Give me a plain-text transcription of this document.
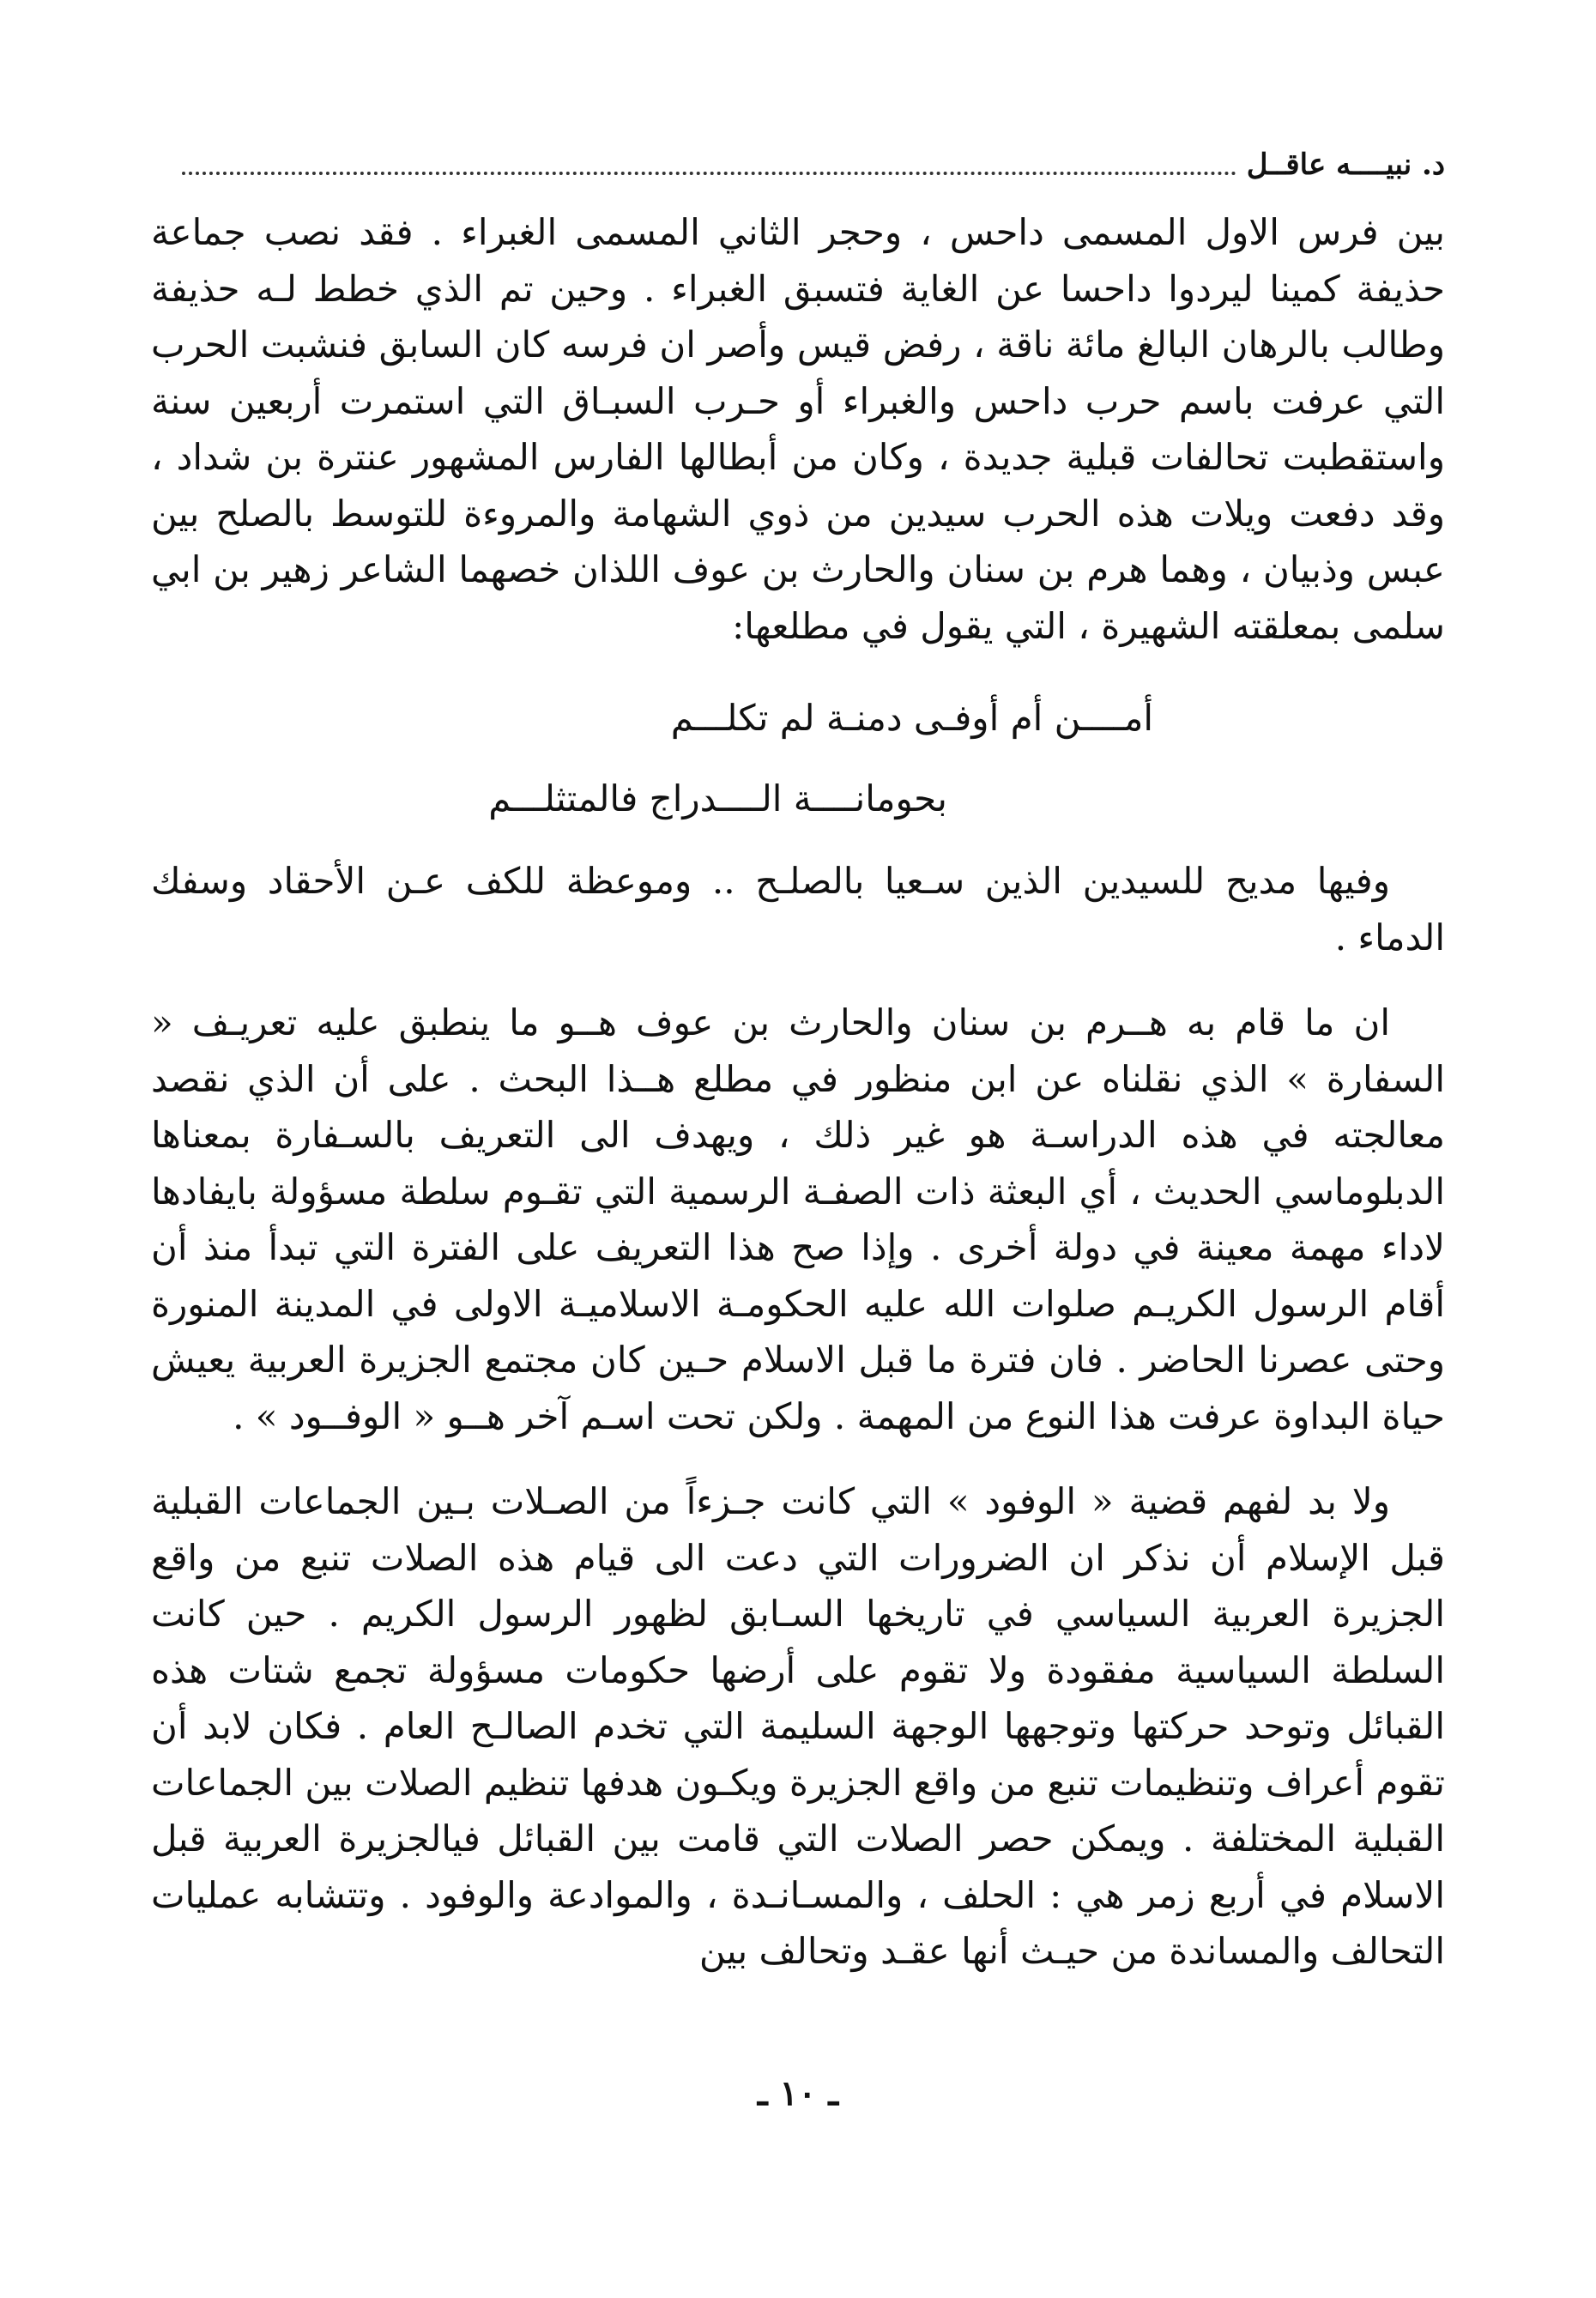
د. نبيــــه عاقــل

بين فرس الاول المسمى داحس ، وحجر الثاني المسمى الغبراء . فقد نصب جماعة حذيفة كمينا ليردوا داحسا عن الغاية فتسبق الغبراء . وحين تم الذي خطط لـه حذيفة وطالب بالرهان البالغ مائة ناقة ، رفض قيس وأصر ان فرسه كان السابق فنشبت الحرب التي عرفت باسم حرب داحس والغبراء أو حـرب السبـاق التي استمرت أربعين سنة واستقطبت تحالفات قبلية جديدة ، وكان من أبطالها الفارس المشهور عنترة بن شداد ، وقد دفعت ويلات هذه الحرب سيدين من ذوي الشهامة والمروءة للتوسط بالصلح بين عبس وذبيان ، وهما هرم بن سنان والحارث بن عوف اللذان خصهما الشاعر زهير بن ابي سلمى بمعلقته الشهيرة ، التي يقول في مطلعها:

أمــــن أم أوفـى دمنـة لم تكلـــم
بحومانــــة الــــدراج فالمتثلـــم

وفيها مديح للسيدين الذين سـعيا بالصلـح .. وموعظة للكف عـن الأحقاد وسفك الدماء .

ان ما قام به هــرم بن سنان والحارث بن عوف هــو ما ينطبق عليه تعريـف « السفارة » الذي نقلناه عن ابن منظور في مطلع هــذا البحث . على أن الذي نقصد معالجته في هذه الدراسـة هو غير ذلك ، ويهدف الى التعريف بالسـفارة بمعناها الدبلوماسي الحديث ، أي البعثة ذات الصفـة الرسمية التي تقـوم سلطة مسؤولة بايفادها لاداء مهمة معينة في دولة أخرى . وإذا صح هذا التعريف على الفترة التي تبدأ منذ أن أقام الرسول الكريـم صلوات الله عليه الحكومـة الاسلاميـة الاولى في المدينة المنورة وحتى عصرنا الحاضر . فان فترة ما قبل الاسلام حـين كان مجتمع الجزيرة العربية يعيش حياة البداوة عرفت هذا النوع من المهمة . ولكن تحت اسـم آخر هــو « الوفــود » .

ولا بد لفهم قضية « الوفود » التي كانت جـزءاً من الصـلات بـين الجماعات القبلية قبل الإسلام أن نذكر ان الضرورات التي دعت الى قيام هذه الصلات تنبع من واقع الجزيرة العربية السياسي في تاريخها السـابق لظهور الرسول الكريم . حين كانت السلطة السياسية مفقودة ولا تقوم على أرضها حكومات مسؤولة تجمع شتات هذه القبائل وتوحد حركتها وتوجهها الوجهة السليمة التي تخدم الصالـح العام . فكان لابد أن تقوم أعراف وتنظيمات تنبع من واقع الجزيرة ويكـون هدفها تنظيم الصلات بين الجماعات القبلية المختلفة . ويمكن حصر الصلات التي قامت بين القبائل فيالجزيرة العربية قبل الاسلام في أربع زمر هي : الحلف ، والمسـانـدة ، والموادعة والوفود . وتتشابه عمليات التحالف والمساندة من حيـث أنها عقـد وتحالف بين

ـ ١٠ ـ
